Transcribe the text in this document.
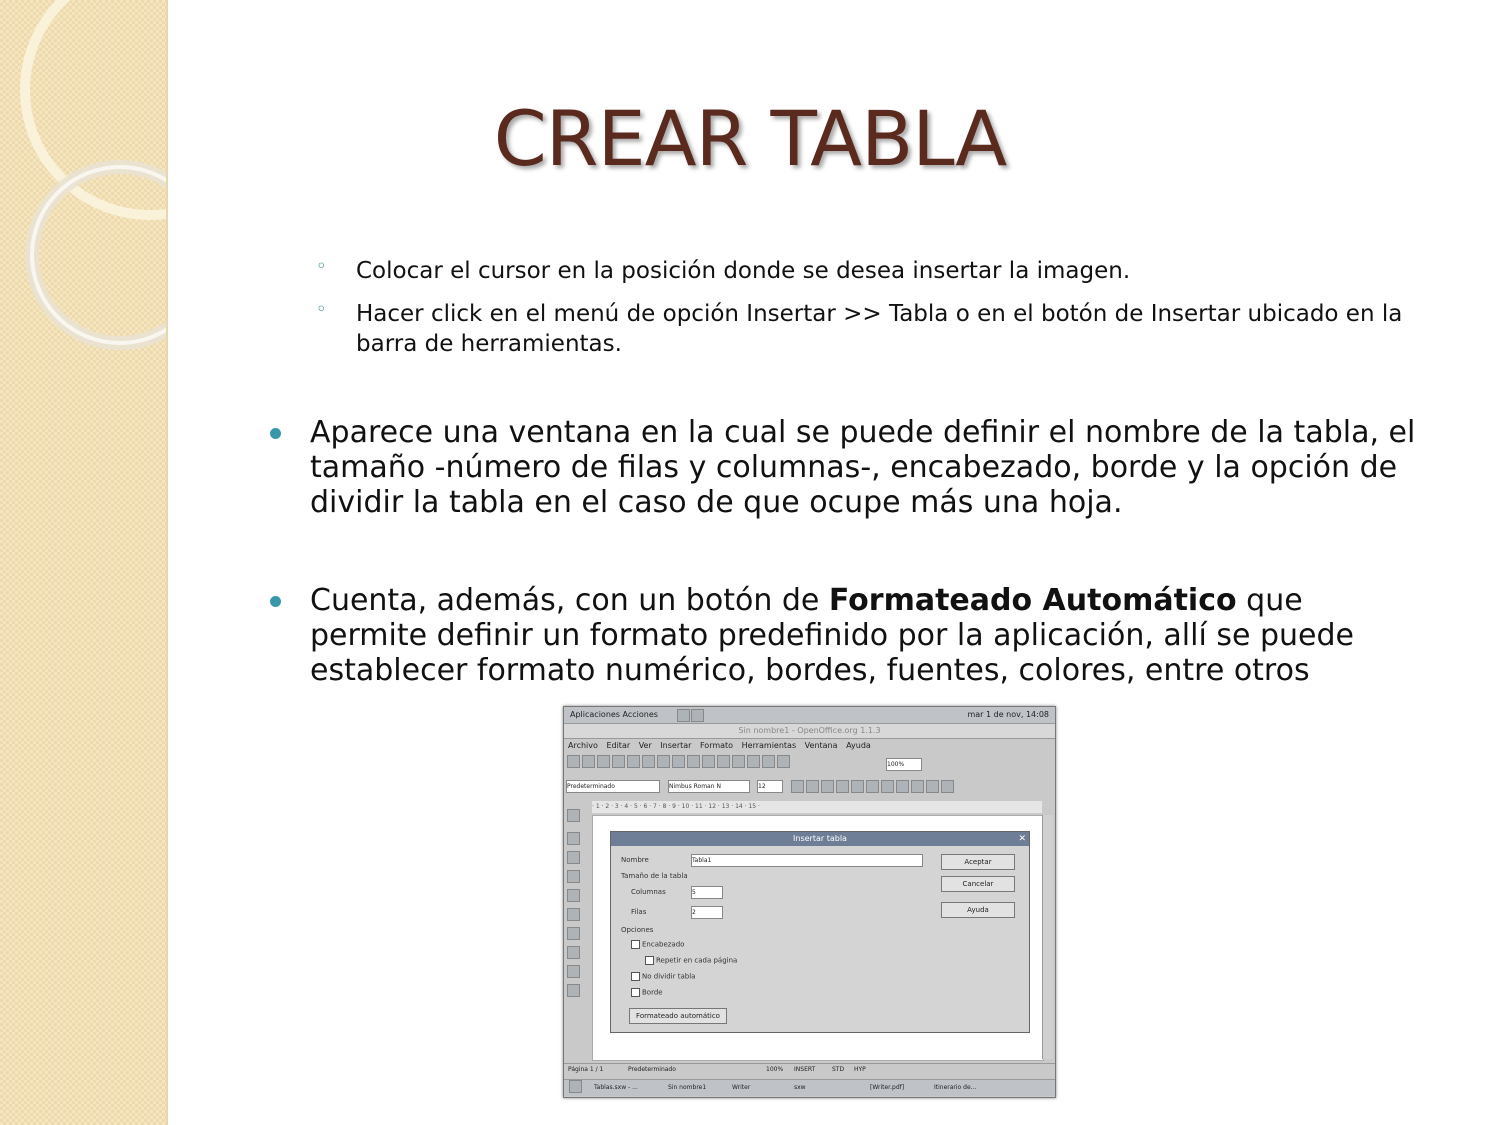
CREAR TABLA
◦ Colocar el cursor en la posición donde se desea insertar la imagen.
◦ Hacer click en el menú de opción Insertar >> Tabla o en el botón de Insertar ubicado en la barra de herramientas.
Aparece una ventana en la cual se puede definir el nombre de la tabla, el tamaño -número de filas y columnas-, encabezado, borde y la opción de dividir la tabla en el caso de que ocupe más una hoja.
Cuenta, además, con un botón de Formateado Automático que permite definir un formato predefinido por la aplicación, allí se puede establecer formato numérico, bordes, fuentes, colores, entre otros
Aplicaciones Acciones	mar 1 de nov, 14:08
Sin nombre1 - OpenOffice.org 1.1.3
Archivo Editar Ver Insertar Formato Herramientas Ventana Ayuda
100%
Predeterminado	Nimbus Roman N	12
· 1 · 2 · 3 · 4 · 5 · 6 · 7 · 8 · 9 · 10 · 11 · 12 · 13 · 14 · 15 ·

Insertar tabla	✕
Nombre	Tabla1
Tamaño de la tabla
Columnas	5
Filas	2
Opciones
Encabezado
Repetir en cada página
No dividir tabla
Borde
Formateado automático
Aceptar
Cancelar
Ayuda
Página 1 / 1	Predeterminado	100% INSERT	STD HYP
Tablas.sxw - ...	Sin nombre1	Writer	sxw	[Writer.pdf]	Itinerario de...
